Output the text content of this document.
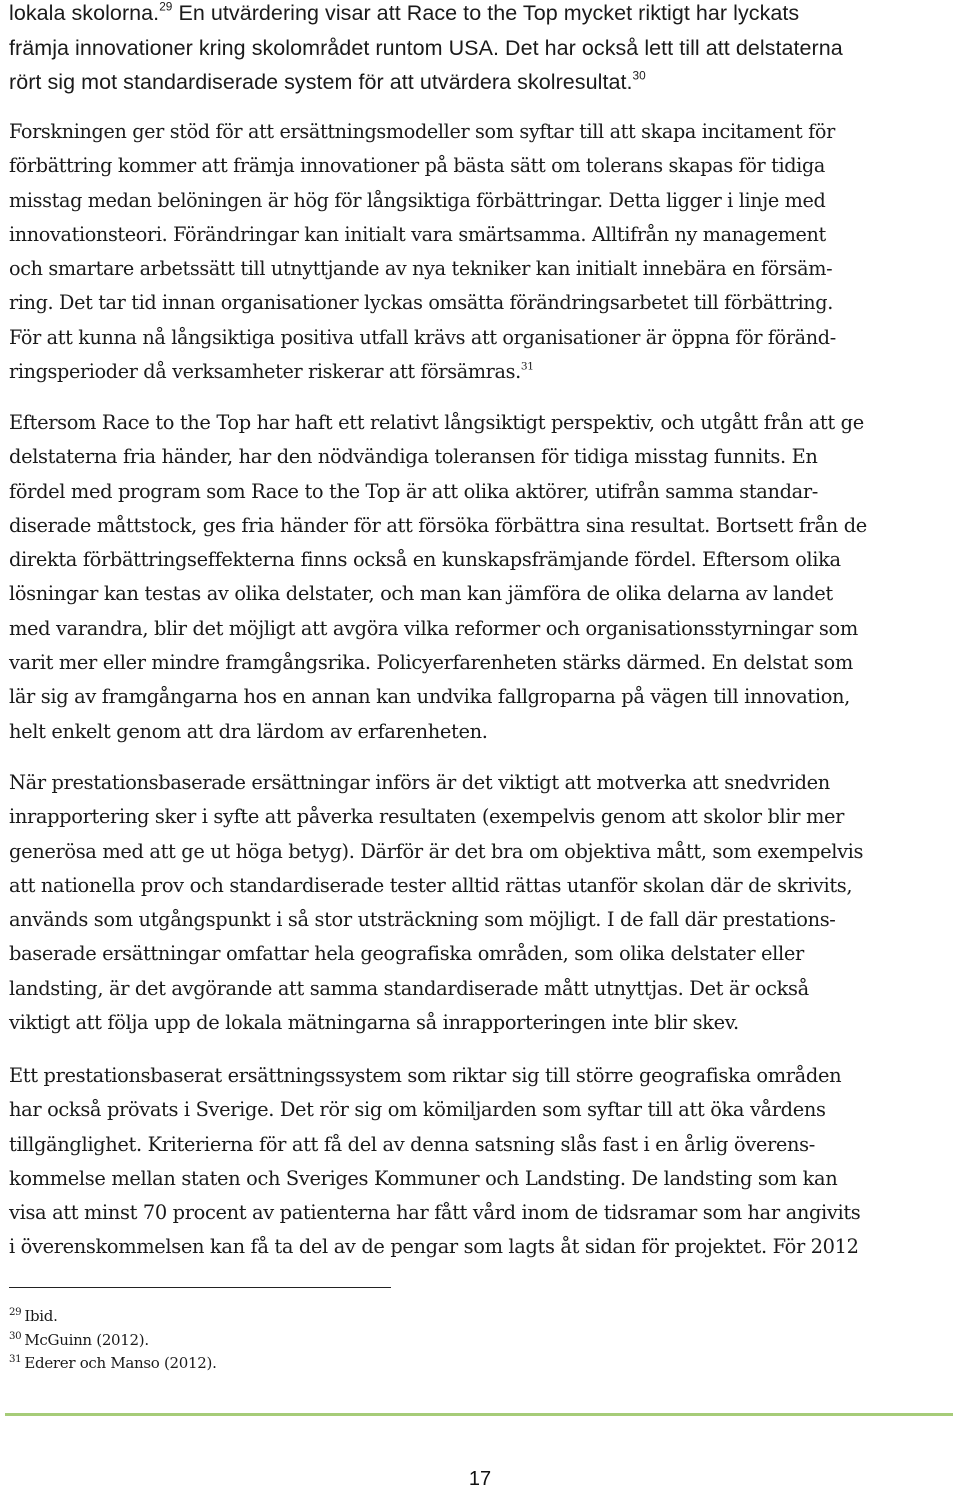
lokala skolorna.$^{29}$ En utvärdering visar att Race to the Top mycket riktigt har lyckats
främja innovationer kring skolområdet runtom USA. Det har också lett till att delstaterna
rört sig mot standardiserade system för att utvärdera skolresultat.$^{30}$
Forskningen ger stöd för att ersättningsmodeller som syftar till att skapa incitament för
förbättring kommer att främja innovationer på bästa sätt om tolerans skapas för tidiga
misstag medan belöningen är hög för långsiktiga förbättringar. Detta ligger i linje med
innovationsteori. Förändringar kan initialt vara smärtsamma. Alltifrån ny management
och smartare arbetssätt till utnyttjande av nya tekniker kan initialt innebära en försäm-
ring. Det tar tid innan organisationer lyckas omsätta förändringsarbetet till förbättring.
För att kunna nå långsiktiga positiva utfall krävs att organisationer är öppna för föränd-
ringsperioder då verksamheter riskerar att försämras.$^{31}$
Eftersom Race to the Top har haft ett relativt långsiktigt perspektiv, och utgått från att ge
delstaterna fria händer, har den nödvändiga toleransen för tidiga misstag funnits. En
fördel med program som Race to the Top är att olika aktörer, utifrån samma standar-
diserade måttstock, ges fria händer för att försöka förbättra sina resultat. Bortsett från de
direkta förbättringseffekterna finns också en kunskapsfrämjande fördel. Eftersom olika
lösningar kan testas av olika delstater, och man kan jämföra de olika delarna av landet
med varandra, blir det möjligt att avgöra vilka reformer och organisationsstyrningar som
varit mer eller mindre framgångsrika. Policyerfarenheten stärks därmed. En delstat som
lär sig av framgångarna hos en annan kan undvika fallgroparna på vägen till innovation,
helt enkelt genom att dra lärdom av erfarenheten.
När prestationsbaserade ersättningar införs är det viktigt att motverka att snedvriden
inrapportering sker i syfte att påverka resultaten (exempelvis genom att skolor blir mer
generösa med att ge ut höga betyg). Därför är det bra om objektiva mått, som exempelvis
att nationella prov och standardiserade tester alltid rättas utanför skolan där de skrivits,
används som utgångspunkt i så stor utsträckning som möjligt. I de fall där prestations-
baserade ersättningar omfattar hela geografiska områden, som olika delstater eller
landsting, är det avgörande att samma standardiserade mått utnyttjas. Det är också
viktigt att följa upp de lokala mätningarna så inrapporteringen inte blir skev.
Ett prestationsbaserat ersättningssystem som riktar sig till större geografiska områden
har också prövats i Sverige. Det rör sig om kömiljarden som syftar till att öka vårdens
tillgänglighet. Kriterierna för att få del av denna satsning slås fast i en årlig överens-
kommelse mellan staten och Sveriges Kommuner och Landsting. De landsting som kan
visa att minst 70 procent av patienterna har fått vård inom de tidsramar som har angivits
i överenskommelsen kan få ta del av de pengar som lagts åt sidan för projektet. För 2012
$^{29}$ Ibid.
$^{30}$ McGuinn (2012).
$^{31}$ Ederer och Manso (2012).
17
